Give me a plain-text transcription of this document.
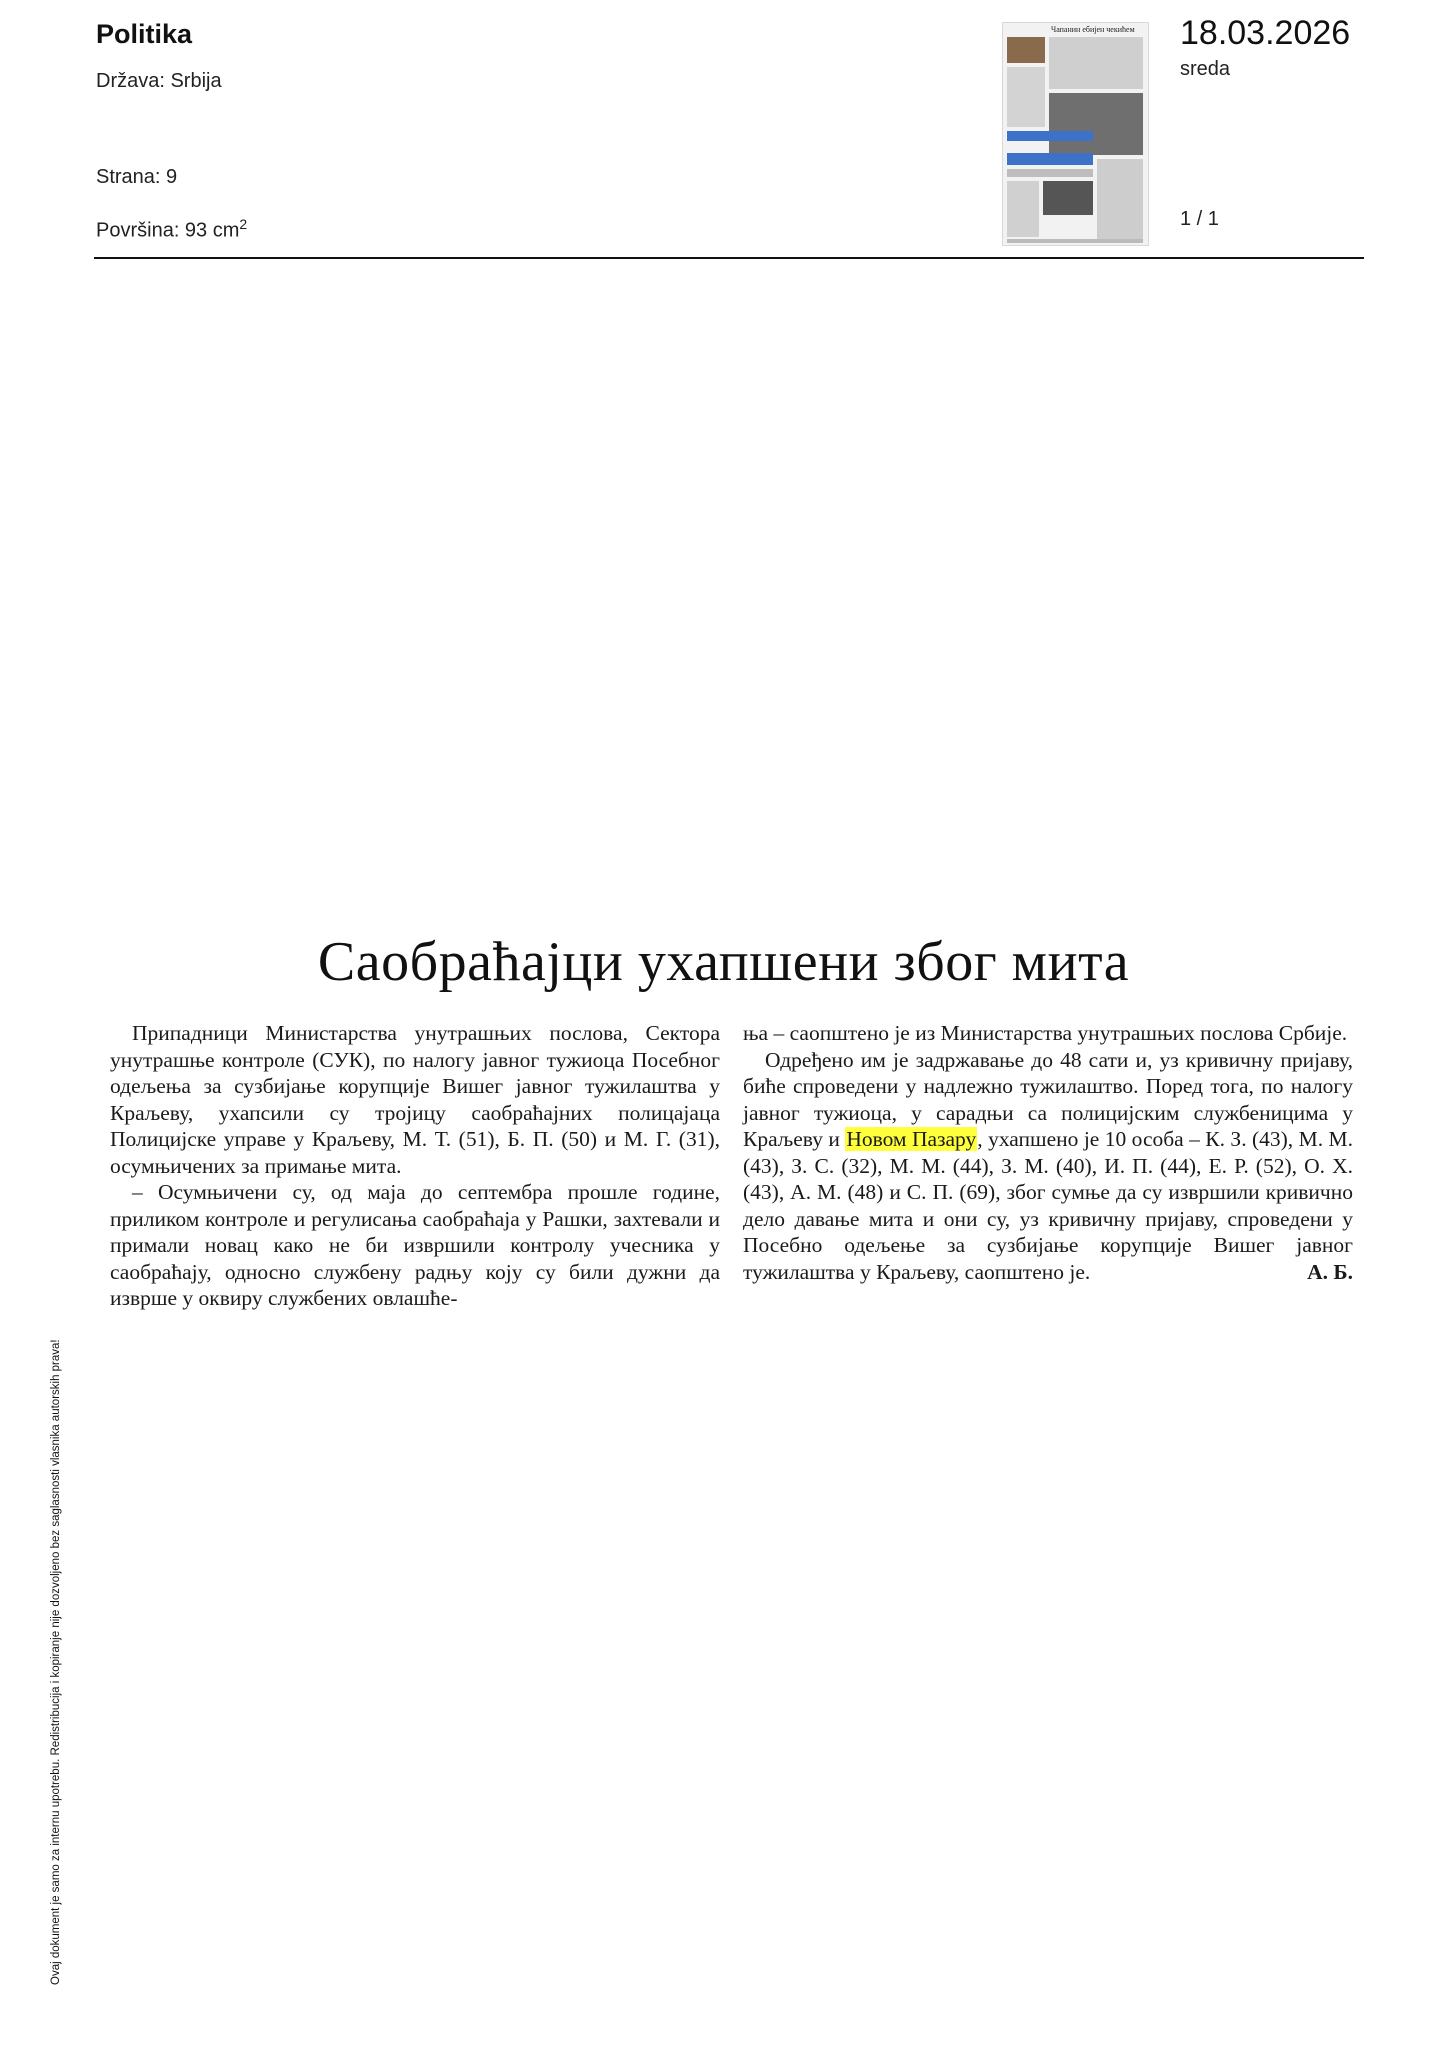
Politika
Država: Srbija
Strana: 9
Površina: 93 $cm^2$
Чапанин eбијен чекићем	18.03.2026
sreda
1 / 1
Саобраћајци ухапшени због мита

Припадници Министарства унутрашњих послова, Сектора унутрашње контроле (СУК), по налогу јавног тужиоца Посебног одељења за сузбијање корупције Вишег јавног тужилаштва у Краљеву, ухапсили су тројицу саобраћајних полицајаца Полицијске управе у Краљеву, М. Т. (51), Б. П. (50) и М. Г. (31), осумњичених за примање мита.

– Осумњичени су, од маја до септембра прошле године, приликом контроле и регулисања саобраћаја у Рашки, захтевали и примали новац како не би извршили контролу учесника у саобраћају, односно службену радњу коју су били дужни да изврше у оквиру службених овлашће-

ња – саопштено је из Министарства унутрашњих послова Србије.

Одређено им је задржавање до 48 сати и, уз кривичну пријаву, биће спроведени у надлежно тужилаштво. Поред тога, по налогу јавног тужиоца, у сарадњи са полицијским службеницима у Краљеву и Новом Пазару, ухапшено је 10 особа – К. З. (43), М. М. (43), З. С. (32), М. М. (44), З. М. (40), И. П. (44), Е. Р. (52), О. Х. (43), А. М. (48) и С. П. (69), због сумње да су извршили кривично дело давање мита и они су, уз кривичну пријаву, спроведени у Посебно одељење за сузбијање корупције Вишег јавног тужилаштва у Краљеву, саопштено је.	А. Б.

Ovaj dokument je samo za internu upotrebu. Redistribucija i kopiranje nije dozvoljeno bez saglasnosti vlasnika autorskih prava!
